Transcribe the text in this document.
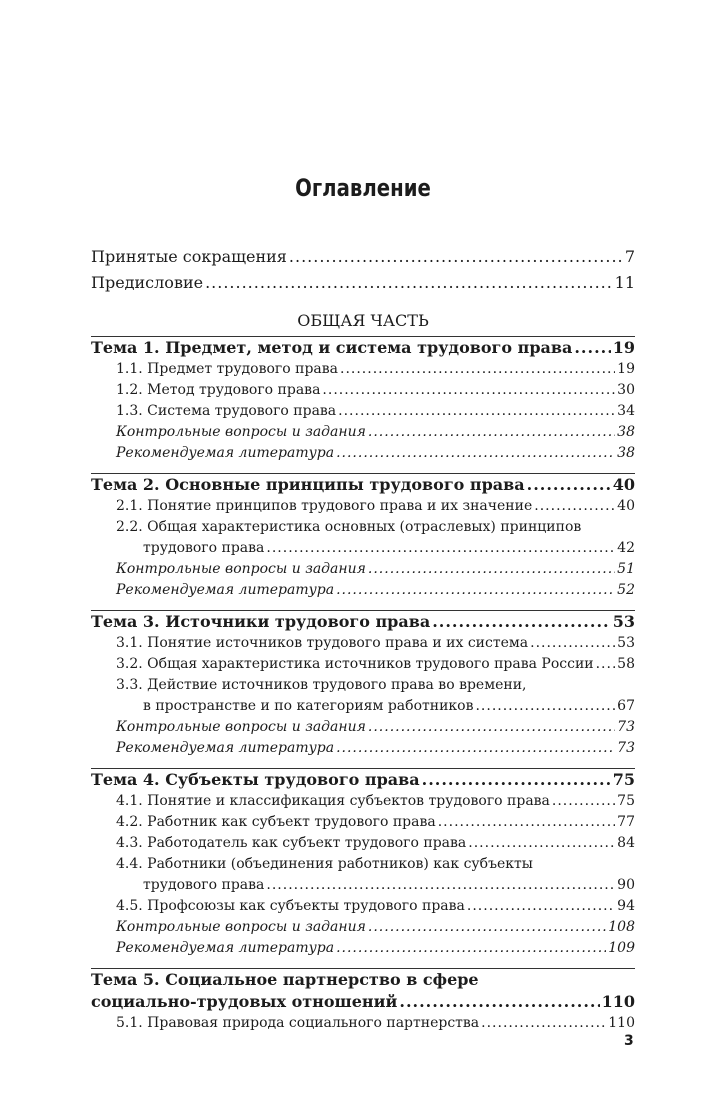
Оглавление
Принятые сокращения .....	7
Предисловие .....	11
ОБЩАЯ ЧАСТЬ
Тема 1. Предмет, метод и система трудового права .....	19
1.1. Предмет трудового права .....	19
1.2. Метод трудового права .....	30
1.3. Система трудового права .....	34
Контрольные вопросы и задания .....	38
Рекомендуемая литература .....	38
Тема 2. Основные принципы трудового права .....	40
2.1. Понятие принципов трудового права и их значение .....	40
2.2. Общая характеристика основных (отраслевых) принципов
трудового права .....	42
Контрольные вопросы и задания .....	51
Рекомендуемая литература .....	52
Тема 3. Источники трудового права .....	53
3.1. Понятие источников трудового права и их система .....	53
3.2. Общая характеристика источников трудового права России ..... 58
3.3. Действие источников трудового права во времени,
в пространстве и по категориям работников .....	67
Контрольные вопросы и задания .....	73
Рекомендуемая литература .....	73
Тема 4. Субъекты трудового права .....	75
4.1. Понятие и классификация субъектов трудового права .....	75
4.2. Работник как субъект трудового права .....	77
4.3. Работодатель как субъект трудового права .....	84
4.4. Работники (объединения работников) как субъекты
трудового права .....	90
4.5. Профсоюзы как субъекты трудового права .....	94
Контрольные вопросы и задания .....	108
Рекомендуемая литература .....	109
Тема 5. Социальное партнерство в сфере
социально-трудовых отношений .....	110
5.1. Правовая природа социального партнерства .....	110
3
